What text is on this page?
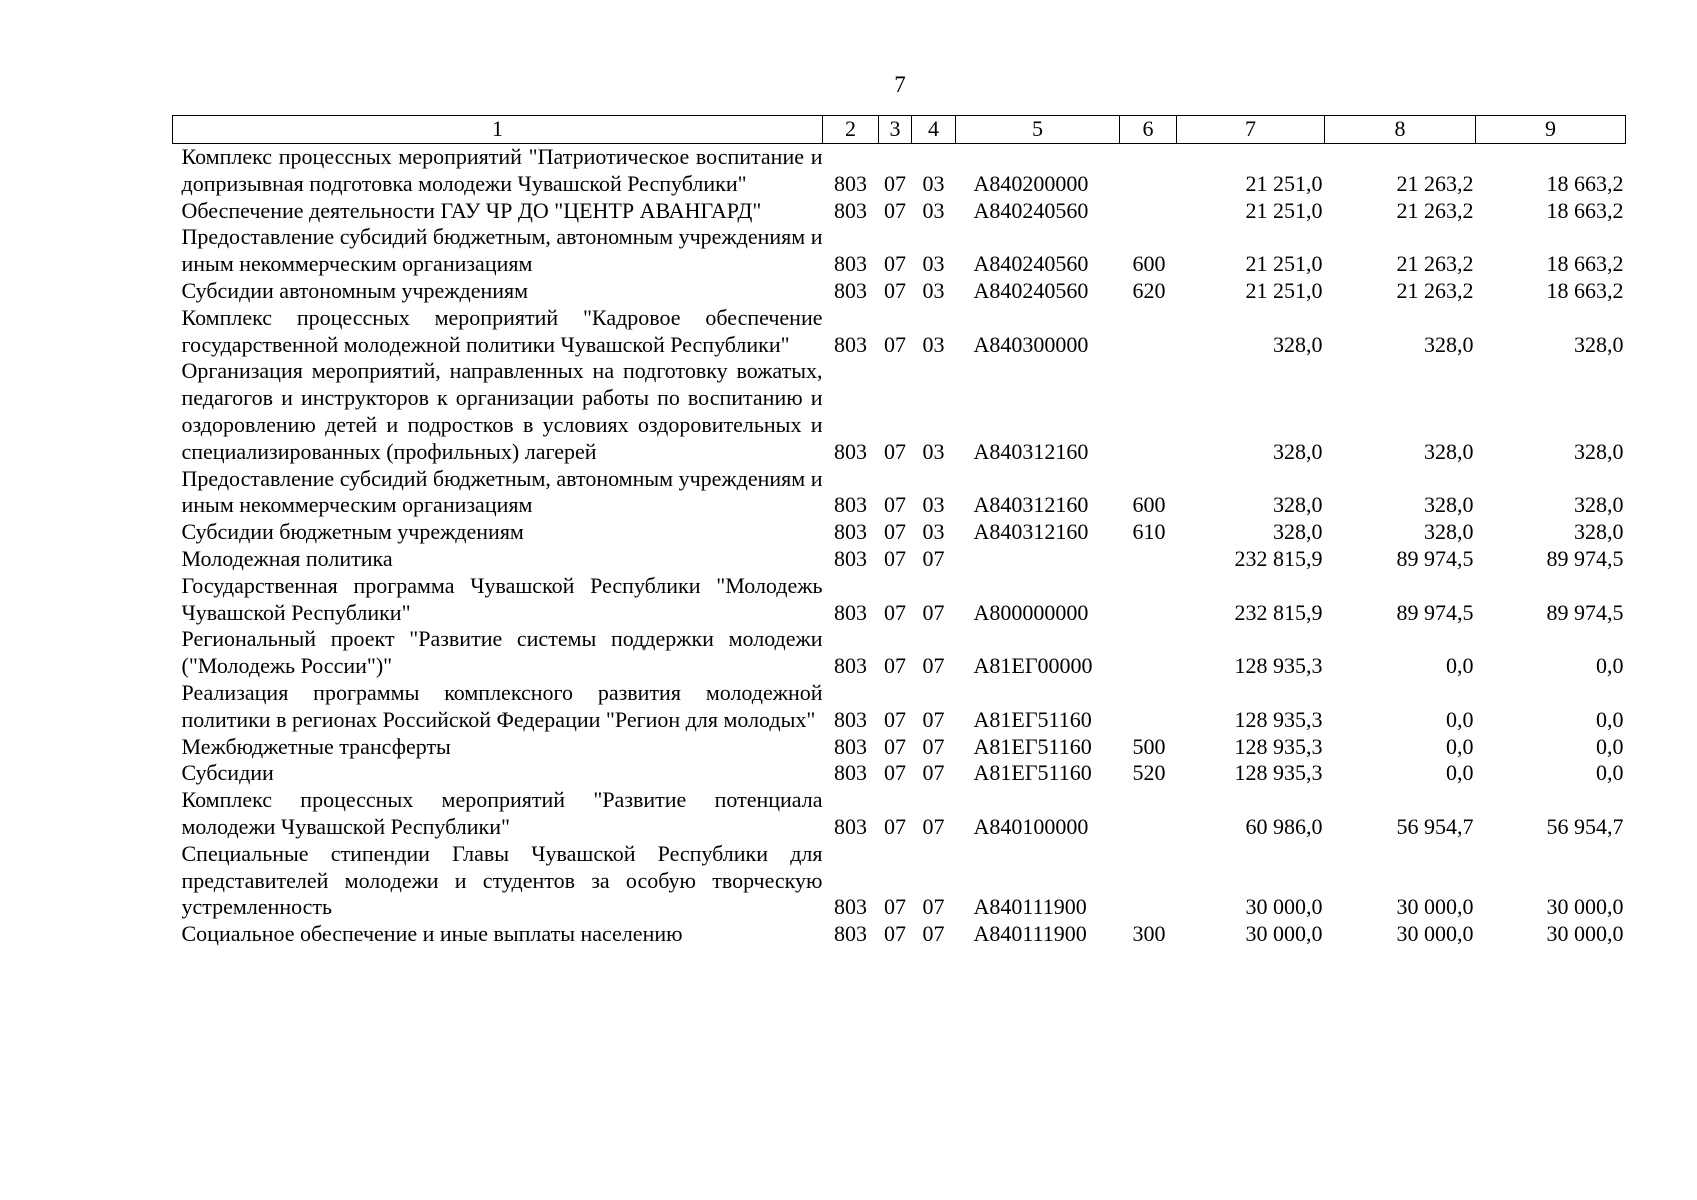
7
1	2	3	4	5	6	7	8	9
Комплекс процессных мероприятий "Патриотическое воспитание и допризывная подготовка молодежи Чувашской Республики"	803	07	03	А840200000		21 251,0	21 263,2	18 663,2
Обеспечение деятельности ГАУ ЧР ДО "ЦЕНТР АВАНГАРД"	803	07	03	А840240560		21 251,0	21 263,2	18 663,2
Предоставление субсидий бюджетным, автономным учреждениям и иным некоммерческим организациям	803	07	03	А840240560	600	21 251,0	21 263,2	18 663,2
Субсидии автономным учреждениям	803	07	03	А840240560	620	21 251,0	21 263,2	18 663,2
Комплекс процессных мероприятий "Кадровое обеспечение государственной молодежной политики Чувашской Республики"	803	07	03	А840300000		328,0	328,0	328,0
Организация мероприятий, направленных на подготовку вожатых, педагогов и инструкторов к организации работы по воспитанию и оздоровлению детей и подростков в условиях оздоровительных и специализированных (профильных) лагерей	803	07	03	А840312160		328,0	328,0	328,0
Предоставление субсидий бюджетным, автономным учреждениям и иным некоммерческим организациям	803	07	03	А840312160	600	328,0	328,0	328,0
Субсидии бюджетным учреждениям	803	07	03	А840312160	610	328,0	328,0	328,0
Молодежная политика	803	07	07			232 815,9	89 974,5	89 974,5
Государственная программа Чувашской Республики "Молодежь Чувашской Республики"	803	07	07	А800000000		232 815,9	89 974,5	89 974,5
Региональный проект "Развитие системы поддержки молодежи ("Молодежь России")"	803	07	07	А81ЕГ00000		128 935,3	0,0	0,0
Реализация программы комплексного развития молодежной политики в регионах Российской Федерации "Регион для молодых"	803	07	07	А81ЕГ51160		128 935,3	0,0	0,0
Межбюджетные трансферты	803	07	07	А81ЕГ51160	500	128 935,3	0,0	0,0
Субсидии	803	07	07	А81ЕГ51160	520	128 935,3	0,0	0,0
Комплекс процессных мероприятий "Развитие потенциала молодежи Чувашской Республики"	803	07	07	А840100000		60 986,0	56 954,7	56 954,7
Специальные стипендии Главы Чувашской Республики для представителей молодежи и студентов за особую творческую устремленность	803	07	07	А840111900		30 000,0	30 000,0	30 000,0
Социальное обеспечение и иные выплаты населению	803	07	07	А840111900	300	30 000,0	30 000,0	30 000,0
